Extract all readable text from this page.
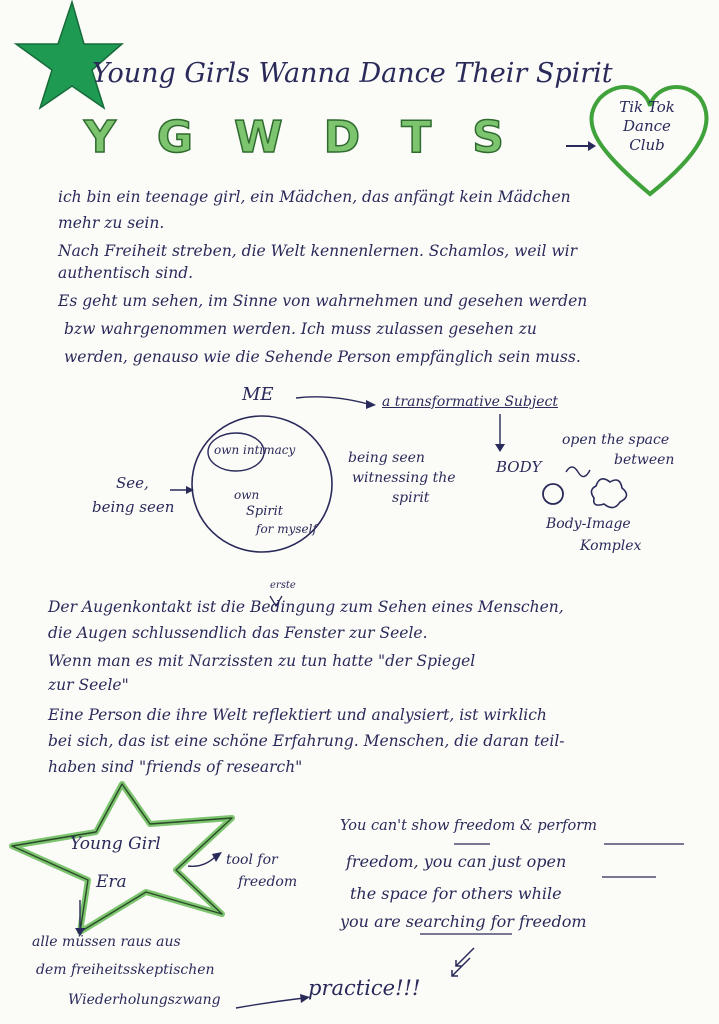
Young Girls Wanna Dance Their Spirit
Y G W D T S
Tik Tok Dance Club
ich bin ein teenage girl, ein Mädchen, das anfängt kein Mädchen
mehr zu sein.
Nach Freiheit streben, die Welt kennenlernen. Schamlos, weil wir
authentisch sind.
Es geht um sehen, im Sinne von wahrnehmen und gesehen werden
bzw wahrgenommen werden. Ich muss zulassen gesehen zu
werden, genauso wie die Sehende Person empfänglich sein muss.
ME	a transformative Subject
own intimacy
own
Spirit
for myself
See,
being seen
being seen
witnessing the
spirit
BODY
open the space
between
Body-Image
Komplex
erste
Der Augenkontakt ist die Bedingung zum Sehen eines Menschen,
die Augen schlussendlich das Fenster zur Seele.
Wenn man es mit Narzissten zu tun hatte "der Spiegel
zur Seele"
Eine Person die ihre Welt reflektiert und analysiert, ist wirklich
bei sich, das ist eine schöne Erfahrung. Menschen, die daran teil-
haben sind "friends of research"
Young Girl
Era
tool for
freedom
You can't show freedom & perform
freedom, you can just open
the space for others while
you are searching for freedom
alle müssen raus aus
dem freiheitsskeptischen
Wiederholungszwang	practice!!!
